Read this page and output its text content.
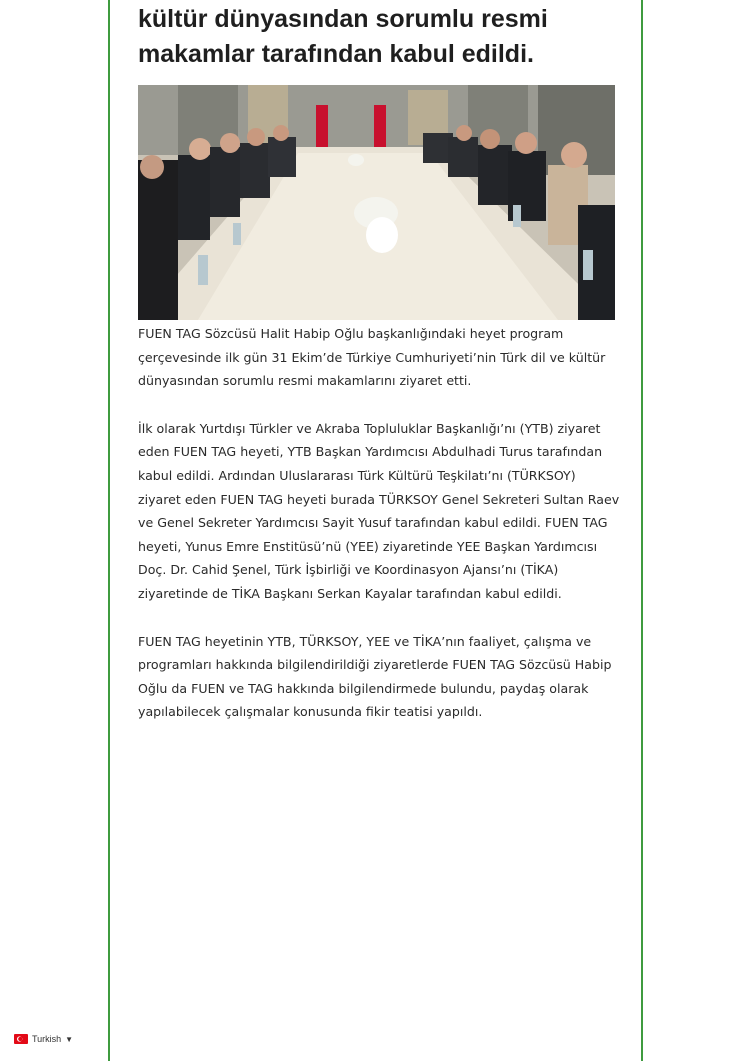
kültür dünyasından sorumlu resmi makamlar tarafından kabul edildi.

FUEN TAG Sözcüsü Halit Habip Oğlu başkanlığındaki heyet program çerçevesinde ilk gün 31 Ekim’de Türkiye Cumhuriyeti’nin Türk dil ve kültür dünyasından sorumlu resmi makamlarını ziyaret etti.

İlk olarak Yurtdışı Türkler ve Akraba Topluluklar Başkanlığı’nı (YTB) ziyaret eden FUEN TAG heyeti, YTB Başkan Yardımcısı Abdulhadi Turus tarafından kabul edildi. Ardından Uluslararası Türk Kültürü Teşkilatı’nı (TÜRKSOY) ziyaret eden FUEN TAG heyeti burada TÜRKSOY Genel Sekreteri Sultan Raev ve Genel Sekreter Yardımcısı Sayit Yusuf tarafından kabul edildi. FUEN TAG heyeti, Yunus Emre Enstitüsü’nü (YEE) ziyaretinde YEE Başkan Yardımcısı Doç. Dr. Cahid Şenel, Türk İşbirliği ve Koordinasyon Ajansı’nı (TİKA) ziyaretinde de TİKA Başkanı Serkan Kayalar tarafından kabul edildi.

FUEN TAG heyetinin YTB, TÜRKSOY, YEE ve TİKA’nın faaliyet, çalışma ve programları hakkında bilgilendirildiği ziyaretlerde FUEN TAG Sözcüsü Habip Oğlu da FUEN ve TAG hakkında bilgilendirmede bulundu, paydaş olarak yapılabilecek çalışmalar konusunda fikir teatisi yapıldı.

Turkish ▼
